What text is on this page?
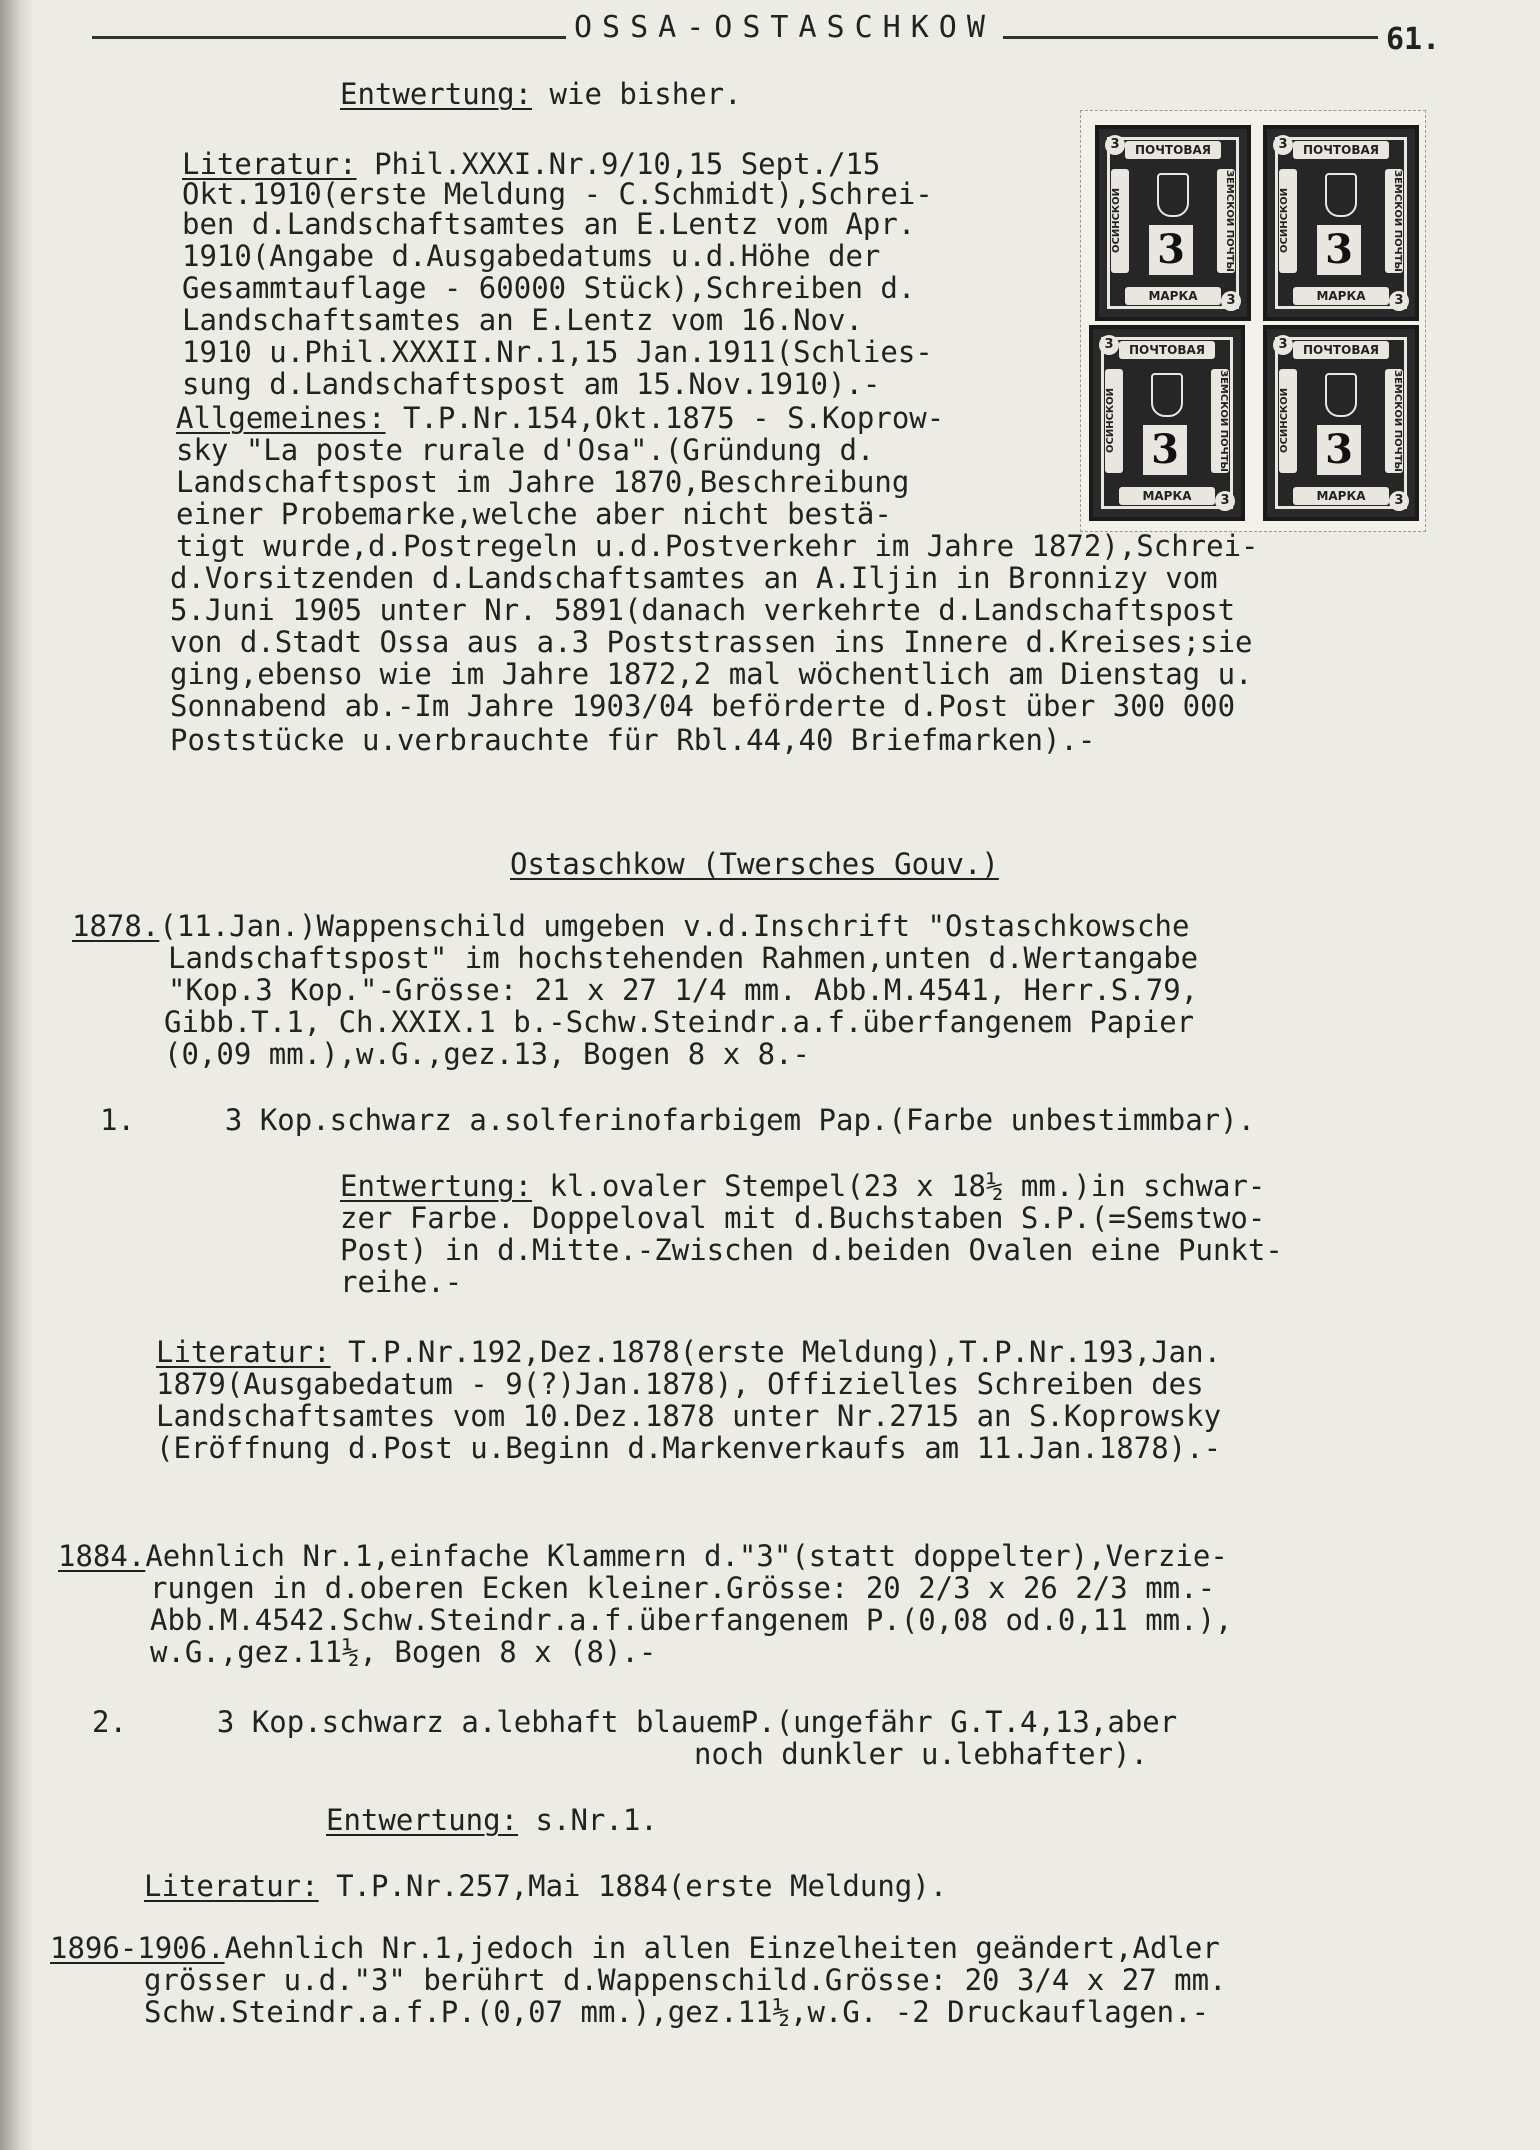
OSSA-OSTASCHKOW	61.
ПОЧТОВАЯ
ОСИНСКОЙ	ЗЕМСКОЙ ПОЧТЫ
3
МАРКА
3
3
ПОЧТОВАЯ
ОСИНСКОЙ	ЗЕМСКОЙ ПОЧТЫ
3
МАРКА
3
3
ПОЧТОВАЯ
ОСИНСКОЙ	ЗЕМСКОЙ ПОЧТЫ
3
МАРКА
3
3
ПОЧТОВАЯ
ОСИНСКОЙ	ЗЕМСКОЙ ПОЧТЫ
3
МАРКА
3
3
Entwertung: wie bisher.
Literatur: Phil.XXXI.Nr.9/10,15 Sept./15
Okt.1910(erste Meldung - C.Schmidt),Schrei-
ben d.Landschaftsamtes an E.Lentz vom Apr.
1910(Angabe d.Ausgabedatums u.d.Höhe der
Gesammtauflage - 60000 Stück),Schreiben d.
Landschaftsamtes an E.Lentz vom 16.Nov.
1910 u.Phil.XXXII.Nr.1,15 Jan.1911(Schlies-
sung d.Landschaftspost am 15.Nov.1910).-
Allgemeines: T.P.Nr.154,Okt.1875 - S.Koprow-
sky "La poste rurale d'Osa".(Gründung d.
Landschaftspost im Jahre 1870,Beschreibung
einer Probemarke,welche aber nicht bestä-
tigt wurde,d.Postregeln u.d.Postverkehr im Jahre 1872),Schrei-
d.Vorsitzenden d.Landschaftsamtes an A.Iljin in Bronnizy vom
5.Juni 1905 unter Nr. 5891(danach verkehrte d.Landschaftspost
von d.Stadt Ossa aus a.3 Poststrassen ins Innere d.Kreises;sie
ging,ebenso wie im Jahre 1872,2 mal wöchentlich am Dienstag u.
Sonnabend ab.-Im Jahre 1903/04 beförderte d.Post über 300 000
Poststücke u.verbrauchte für Rbl.44,40 Briefmarken).-
Ostaschkow (Twersches Gouv.)
1878.(11.Jan.)Wappenschild umgeben v.d.Inschrift "Ostaschkowsche
Landschaftspost" im hochstehenden Rahmen,unten d.Wertangabe
"Kop.3 Kop."-Grösse: 21 x 27 1/4 mm. Abb.M.4541, Herr.S.79,
Gibb.T.1, Ch.XXIX.1 b.-Schw.Steindr.a.f.überfangenem Papier
(0,09 mm.),w.G.,gez.13, Bogen 8 x 8.-
1.	3 Kop.schwarz a.solferinofarbigem Pap.(Farbe unbestimmbar).
Entwertung: kl.ovaler Stempel(23 x 18½ mm.)in schwar-
zer Farbe. Doppeloval mit d.Buchstaben S.P.(=Semstwo-
Post) in d.Mitte.-Zwischen d.beiden Ovalen eine Punkt-
reihe.-
Literatur: T.P.Nr.192,Dez.1878(erste Meldung),T.P.Nr.193,Jan.
1879(Ausgabedatum - 9(?)Jan.1878), Offizielles Schreiben des
Landschaftsamtes vom 10.Dez.1878 unter Nr.2715 an S.Koprowsky
(Eröffnung d.Post u.Beginn d.Markenverkaufs am 11.Jan.1878).-
1884.Aehnlich Nr.1,einfache Klammern d."3"(statt doppelter),Verzie-
rungen in d.oberen Ecken kleiner.Grösse: 20 2/3 x 26 2/3 mm.-
Abb.M.4542.Schw.Steindr.a.f.überfangenem P.(0,08 od.0,11 mm.),
w.G.,gez.11½, Bogen 8 x (8).-
2.	3 Kop.schwarz a.lebhaft blauemP.(ungefähr G.T.4,13,aber
noch dunkler u.lebhafter).
Entwertung: s.Nr.1.
Literatur: T.P.Nr.257,Mai 1884(erste Meldung).
1896-1906.Aehnlich Nr.1,jedoch in allen Einzelheiten geändert,Adler
grösser u.d."3" berührt d.Wappenschild.Grösse: 20 3/4 x 27 mm.
Schw.Steindr.a.f.P.(0,07 mm.),gez.11½,w.G. -2 Druckauflagen.-
